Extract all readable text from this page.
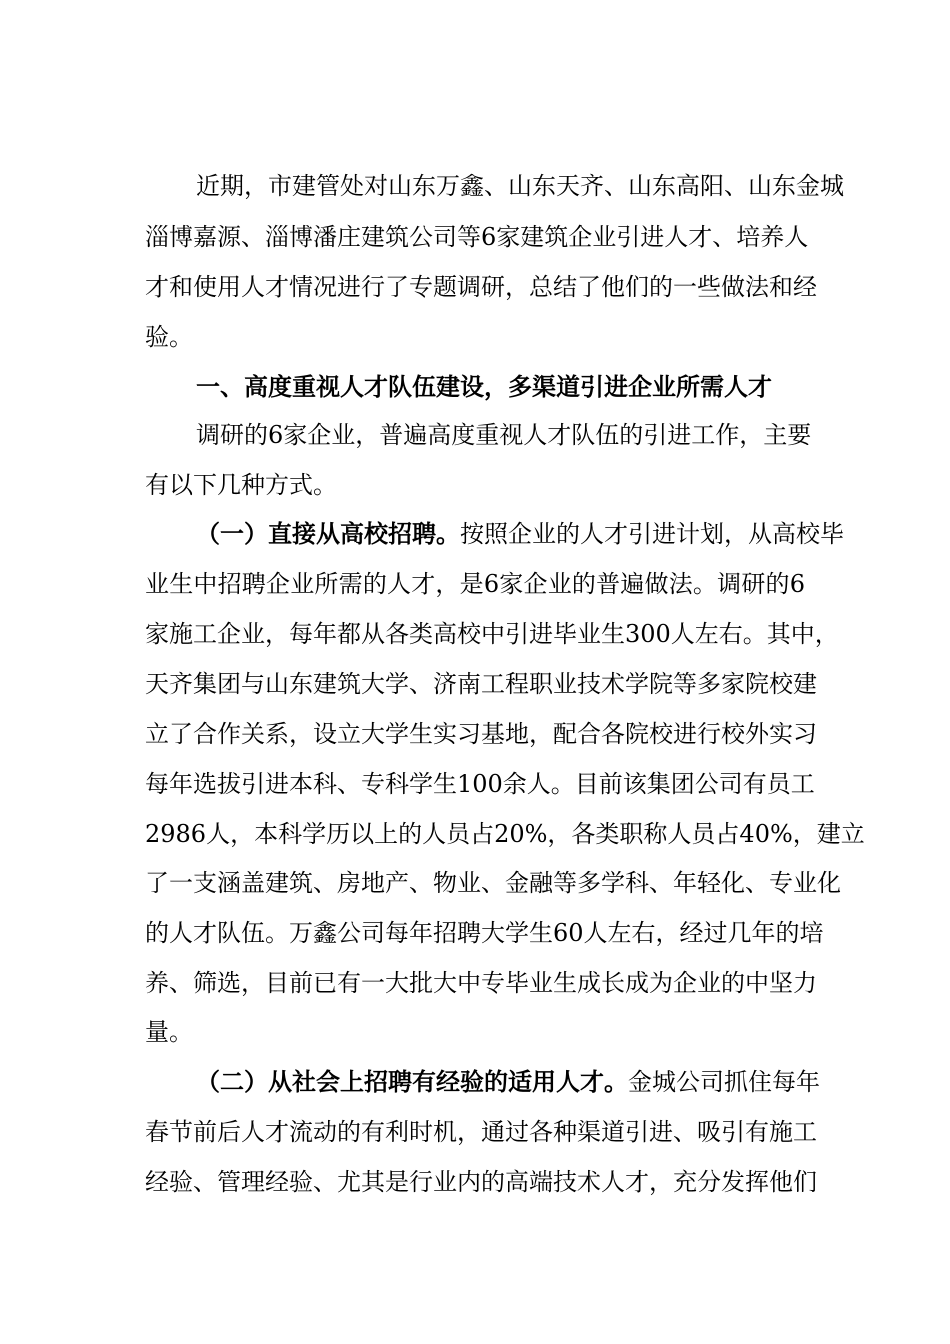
近期，市建管处对山东万鑫、山东天齐、山东高阳、山东金城
淄博嘉源、淄博潘庄建筑公司等6家建筑企业引进人才、培养人
才和使用人才情况进行了专题调研，总结了他们的一些做法和经
验。
一、高度重视人才队伍建设，多渠道引进企业所需人才
调研的6家企业，普遍高度重视人才队伍的引进工作，主要
有以下几种方式。
（一）直接从高校招聘。按照企业的人才引进计划，从高校毕
业生中招聘企业所需的人才，是6家企业的普遍做法。调研的6
家施工企业，每年都从各类高校中引进毕业生300人左右。其中，
天齐集团与山东建筑大学、济南工程职业技术学院等多家院校建
立了合作关系，设立大学生实习基地，配合各院校进行校外实习
每年选拔引进本科、专科学生100余人。目前该集团公司有员工
2986人，本科学历以上的人员占20%，各类职称人员占40%，建立
了一支涵盖建筑、房地产、物业、金融等多学科、年轻化、专业化
的人才队伍。万鑫公司每年招聘大学生60人左右，经过几年的培
养、筛选，目前已有一大批大中专毕业生成长成为企业的中坚力
量。
（二）从社会上招聘有经验的适用人才。金城公司抓住每年
春节前后人才流动的有利时机，通过各种渠道引进、吸引有施工
经验、管理经验、尤其是行业内的高端技术人才，充分发挥他们
